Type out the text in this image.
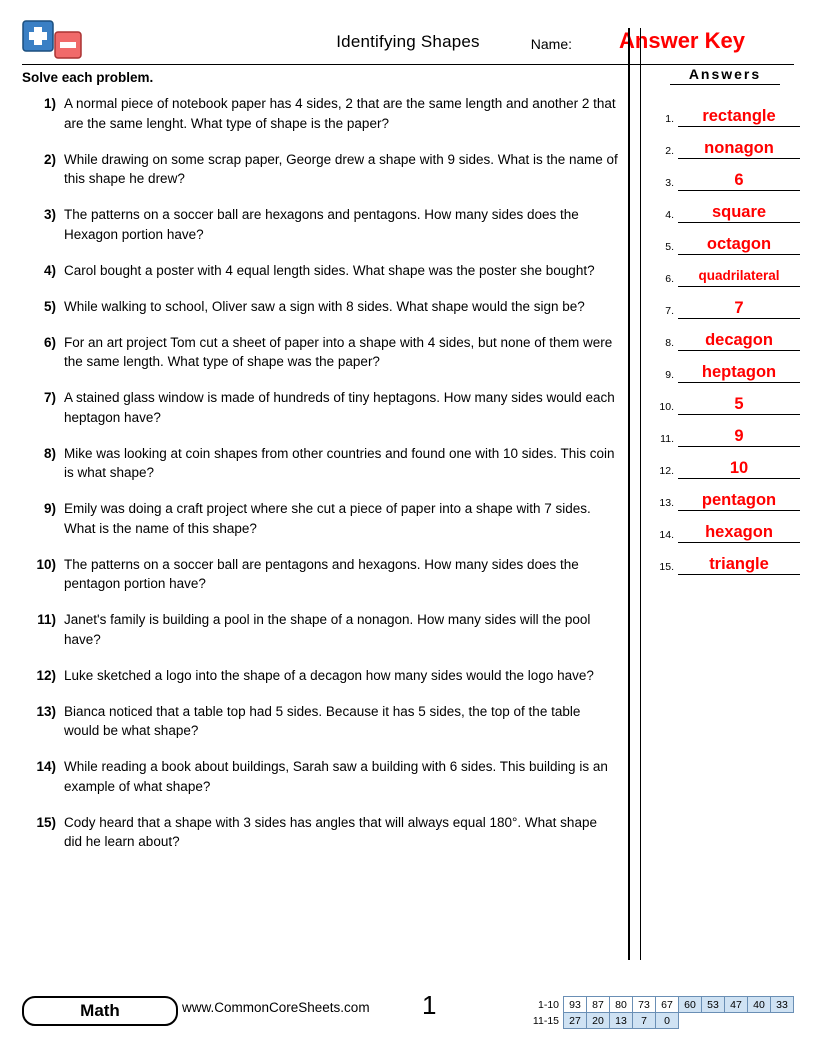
Identifying Shapes	Name:	Answer Key
Solve each problem.
1) A normal piece of notebook paper has 4 sides, 2 that are the same length and another 2 that are the same lenght. What type of shape is the paper?
2) While drawing on some scrap paper, George drew a shape with 9 sides. What is the name of this shape he drew?
3) The patterns on a soccer ball are hexagons and pentagons. How many sides does the Hexagon portion have?
4) Carol bought a poster with 4 equal length sides. What shape was the poster she bought?
5) While walking to school, Oliver saw a sign with 8 sides. What shape would the sign be?
6) For an art project Tom cut a sheet of paper into a shape with 4 sides, but none of them were the same length. What type of shape was the paper?
7) A stained glass window is made of hundreds of tiny heptagons. How many sides would each heptagon have?
8) Mike was looking at coin shapes from other countries and found one with 10 sides. This coin is what shape?
9) Emily was doing a craft project where she cut a piece of paper into a shape with 7 sides. What is the name of this shape?
10) The patterns on a soccer ball are pentagons and hexagons. How many sides does the pentagon portion have?
11) Janet's family is building a pool in the shape of a nonagon. How many sides will the pool have?
12) Luke sketched a logo into the shape of a decagon how many sides would the logo have?
13) Bianca noticed that a table top had 5 sides. Because it has 5 sides, the top of the table would be what shape?
14) While reading a book about buildings, Sarah saw a building with 6 sides. This building is an example of what shape?
15) Cody heard that a shape with 3 sides has angles that will always equal 180°. What shape did he learn about?
Answers
1.	rectangle
2.	nonagon
3.	6
4.	square
5.	octagon
6.	quadrilateral
7.	7
8.	decagon
9.	heptagon
10.	5
11.	9
12.	10
13.	pentagon
14.	hexagon
15.	triangle
Math	www.CommonCoreSheets.com 1	1-10	93	87	80	73	67	60	53	47	40	33
11-15	27	20	13	7	0					
